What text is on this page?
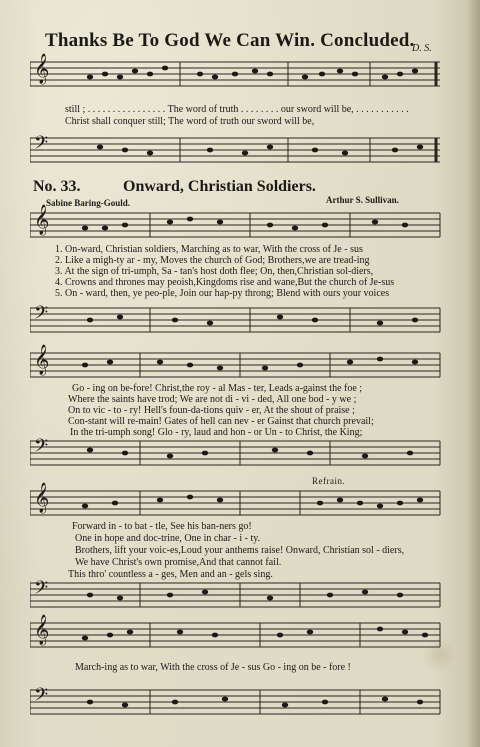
Thanks Be To God We Can Win. Concluded.
D. S.
𝄞
still ; . . . . . . . . . . . . . . . . The word of truth . . . . . . . . our sword will be, . . . . . . . . . . .
Christ shall conquer still; The word of truth our sword will be,
𝄢
No. 33.	Onward, Christian Soldiers.
Sabine Baring-Gould.	Arthur S. Sullivan.
𝄞
1. On-ward, Christian soldiers, Marching as to war, With the cross of Je - sus
2. Like a migh-ty ar - my, Moves the church of God; Brothers,we are tread-ing
3. At the sign of tri-umph, Sa - tan's host doth flee; On, then,Christian sol-diers,
4. Crowns and thrones may peoish,Kingdoms rise and wane,But the church of Je-sus
5. On - ward, then, ye peo-ple, Join our hap-py throng; Blend with ours your voices
𝄢
𝄞
Go - ing on be-fore! Christ,the roy - al Mas - ter, Leads a-gainst the foe ;
Where the saints have trod; We are not di - vi - ded, All one bod - y we ;
On to vic - to - ry! Hell's foun-da-tions quiv - er, At the shout of praise ;
Con-stant will re-main! Gates of hell can nev - er Gainst that church prevail;
In the tri-umph song! Glo - ry, laud and hon - or Un - to Christ, the King;
𝄢
Refrain.
𝄞
Forward in - to bat - tle, See his ban-ners go!
One in hope and doc-trine, One in char - i - ty.
Brothers, lift your voic-es,Loud your anthems raise! Onward, Christian sol - diers,
We have Christ's own promise,And that cannot fail.
This thro' countless a - ges, Men and an - gels sing.
𝄢
𝄞
March-ing as to war, With the cross of Je - sus Go - ing on be - fore !
𝄢
